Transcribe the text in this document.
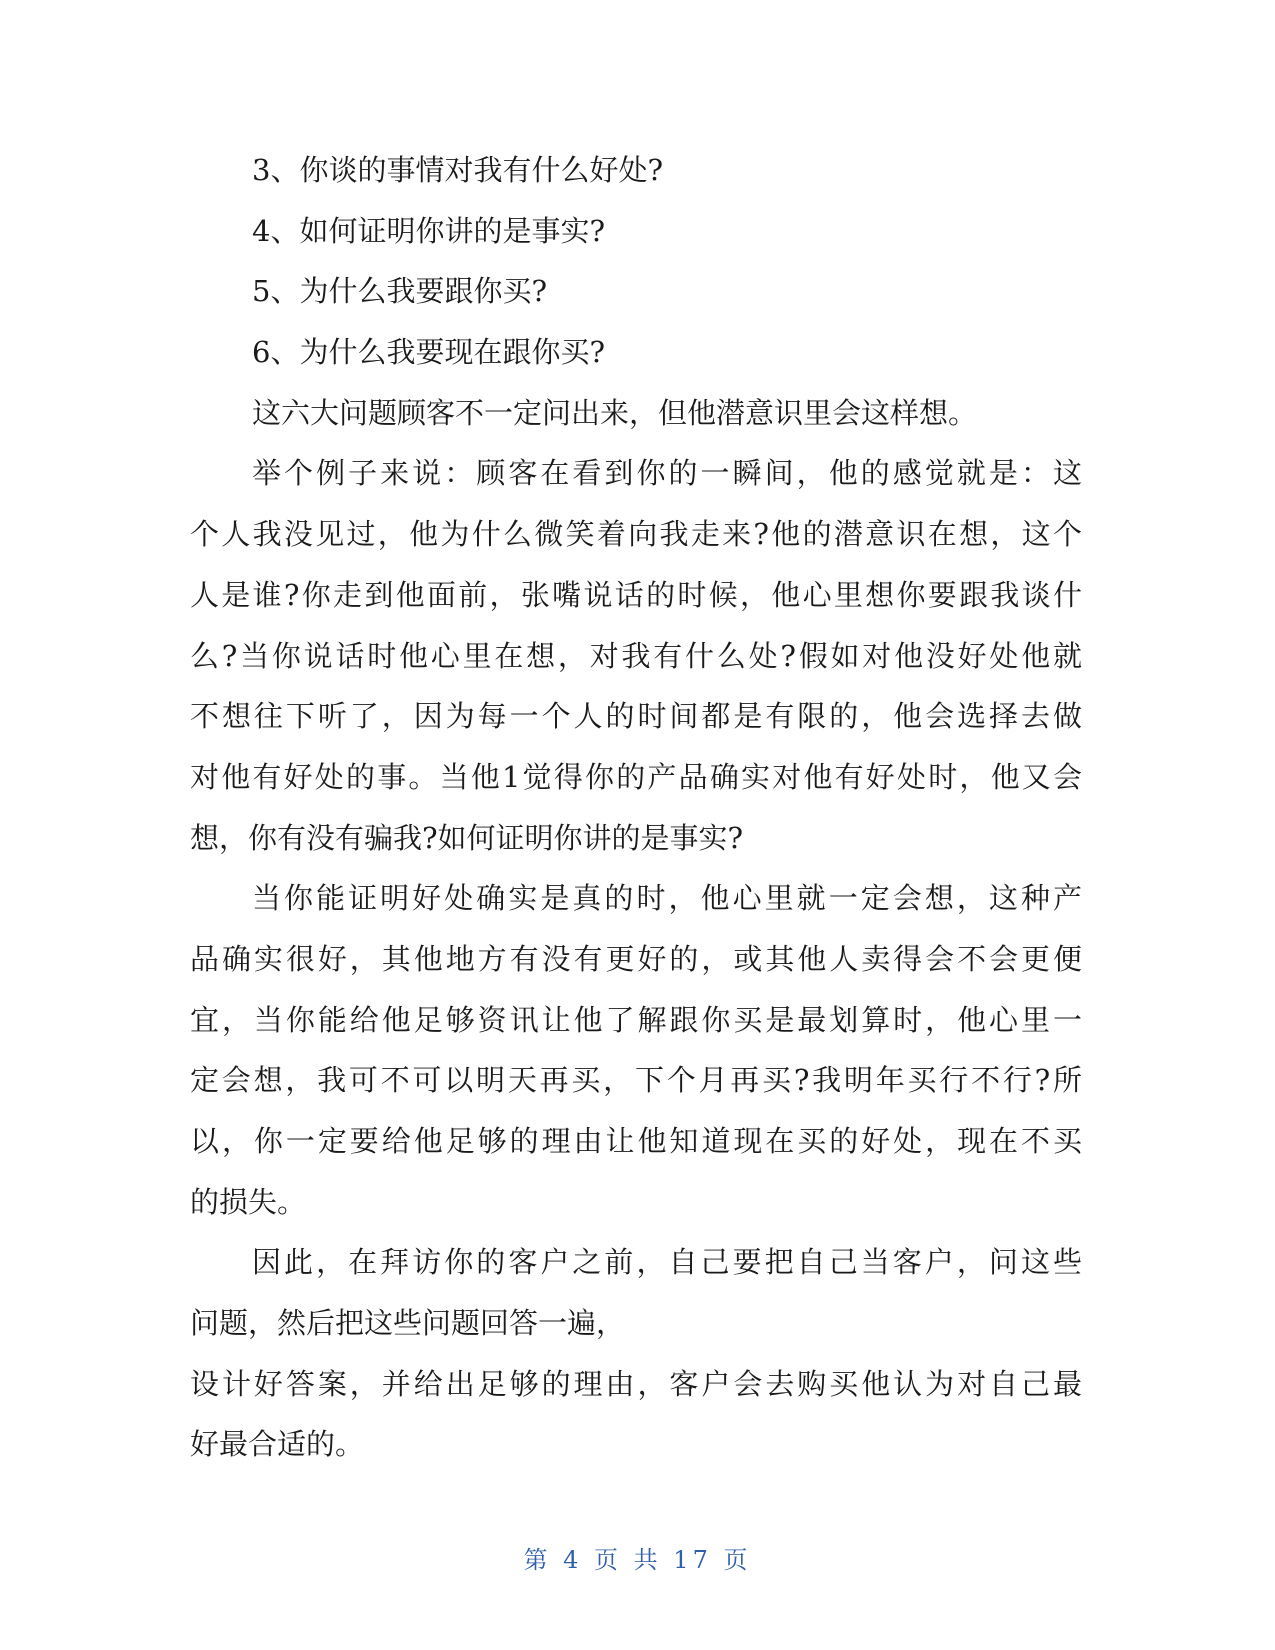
3、你谈的事情对我有什么好处?
4、如何证明你讲的是事实?
5、为什么我要跟你买?
6、为什么我要现在跟你买?
这六大问题顾客不一定问出来，但他潜意识里会这样想。
举个例子来说：顾客在看到你的一瞬间，他的感觉就是：这
个人我没见过，他为什么微笑着向我走来?他的潜意识在想，这个
人是谁?你走到他面前，张嘴说话的时候，他心里想你要跟我谈什
么?当你说话时他心里在想，对我有什么处?假如对他没好处他就
不想往下听了，因为每一个人的时间都是有限的，他会选择去做
对他有好处的事。当他1觉得你的产品确实对他有好处时，他又会
想，你有没有骗我?如何证明你讲的是事实?
当你能证明好处确实是真的时，他心里就一定会想，这种产
品确实很好，其他地方有没有更好的，或其他人卖得会不会更便
宜，当你能给他足够资讯让他了解跟你买是最划算时，他心里一
定会想，我可不可以明天再买，下个月再买?我明年买行不行?所
以，你一定要给他足够的理由让他知道现在买的好处，现在不买
的损失。
因此，在拜访你的客户之前，自己要把自己当客户，问这些
问题，然后把这些问题回答一遍，
设计好答案，并给出足够的理由，客户会去购买他认为对自己最
好最合适的。
第 4 页 共 17 页
